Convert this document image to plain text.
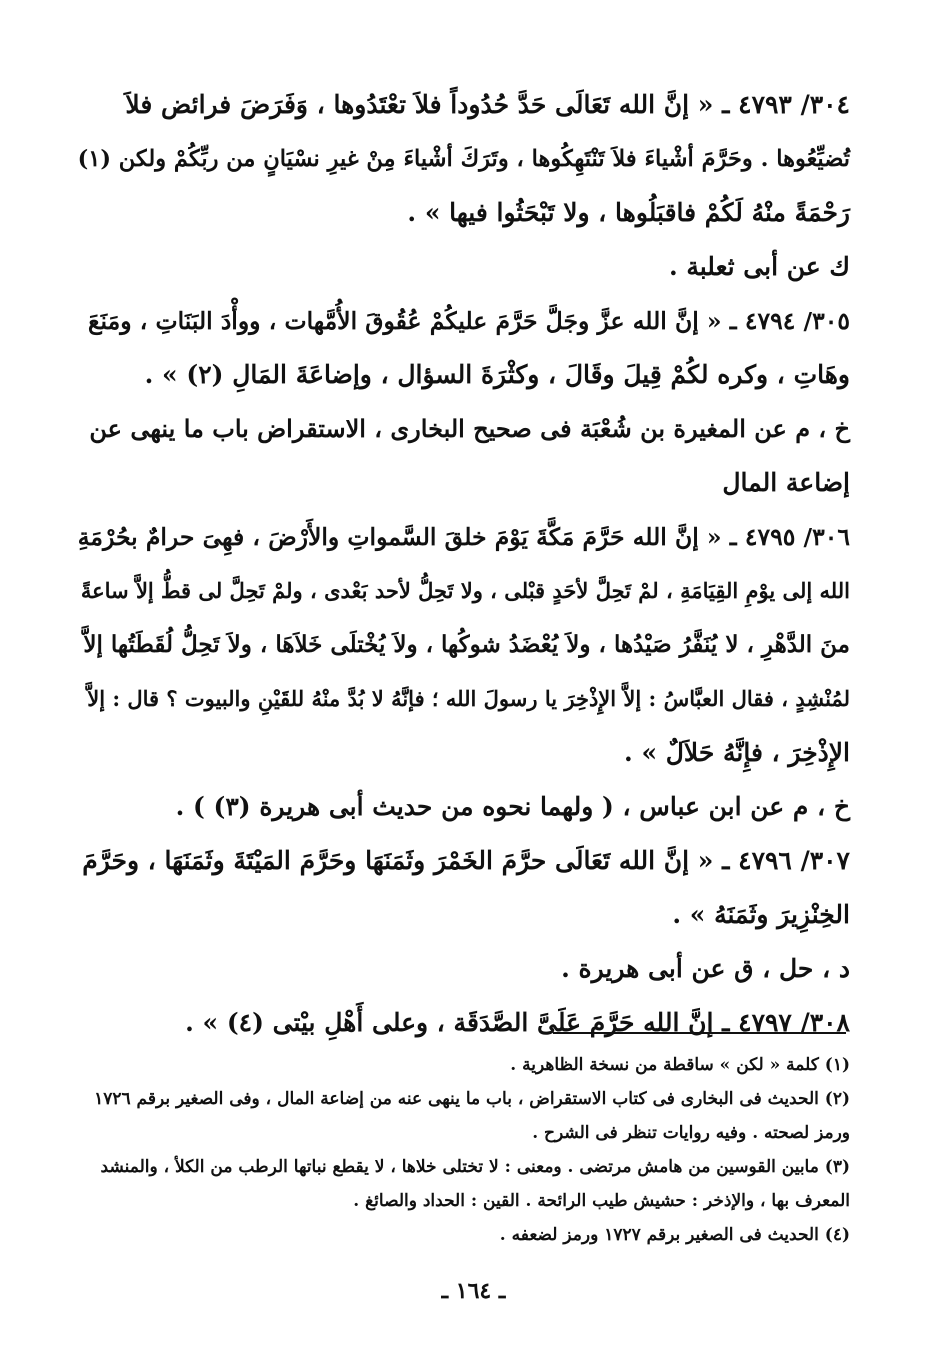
٣٠٤/ ٤٧٩٣ ـ « إنَّ الله تَعَالَى حَدَّ حُدُوداً فلاَ تعْتَدُوها ، وَفَرَضَ فرائض فلاَ
تُضيِّعُوها . وحَرَّمَ أشْياءَ فلاَ تَنْتَهِكُوها ، وتَرَكَ أشْياءَ مِنْ غيرِ نسْيَانٍ من ربِّكُمْ ولكن (١)
رَحْمَةً منْهُ لَكُمْ فاقبَلُوها ، ولا تَبْحَثُوا فيها » .
ك عن أبى ثعلبة .
٣٠٥/ ٤٧٩٤ ـ « إنَّ الله عزَّ وجَلَّ حَرَّمَ عليكُمْ عُقُوقَ الأُمَّهات ، ووأْدَ البَنَاتِ ، ومَنَعَ
وهَاتِ ، وكره لكُمْ قِيلَ وقَالَ ، وكثْرَةَ السؤال ، وإضاعَةَ المَالِ (٢) » .
خ ، م عن المغيرة بن شُعْبَة فى صحيح البخارى ، الاستقراض باب ما ينهى عن
إضاعة المال
٣٠٦/ ٤٧٩٥ ـ « إنَّ الله حَرَّمَ مَكَّةَ يَوْمَ خلقَ السَّمواتِ والأَرْضَ ، فهِىَ حرامٌ بحُرْمَةِ
الله إلى يوْمِ القِيَامَةِ ، لمْ تَحِلَّ لأحَدٍ قبْلى ، ولا تَحِلُّ لأحد بَعْدى ، ولمْ تَحِلَّ لى قطُّ إلاَّ ساعةً
منَ الدَّهْرِ ، لا يُنَفَّرُ صَيْدُها ، ولاَ يُعْضَدُ شوكُها ، ولاَ يُخْتلَى خَلاَهَا ، ولاَ تَحِلُّ لُقَطَتُها إلاَّ
لمُنْشِدٍ ، فقال العبَّاسُ : إلاَّ الإِذْخِرَ يا رسولَ الله ؛ فإنَّهُ لا بُدَّ منْهُ للقَيْنِ والبيوت ؟ قال : إلاَّ
الإِذْخِرَ ، فإِنَّهُ حَلاَلٌ » .
خ ، م عن ابن عباس ، ( ولهما نحوه من حديث أبى هريرة (٣) ) .
٣٠٧/ ٤٧٩٦ ـ « إنَّ الله تَعَالَى حرَّمَ الخَمْرَ وثَمَنَهَا وحَرَّمَ المَيْتَةَ وثَمَنَهَا ، وحَرَّمَ
الخِنْزِيرَ وثَمَنَهُ » .
د ، حل ، ق عن أبى هريرة .
٣٠٨/ ٤٧٩٧ ـ إنَّ الله حَرَّمَ عَلَىَّ الصَّدَقَة ، وعلى أَهْلِ بيْتى (٤) » .
(١) كلمة « لكن » ساقطة من نسخة الظاهرية .
(٢) الحديث فى البخارى فى كتاب الاستقراض ، باب ما ينهى عنه من إضاعة المال ، وفى الصغير برقم ١٧٢٦
ورمز لصحته . وفيه روايات تنظر فى الشرح .
(٣) مابين القوسين من هامش مرتضى . ومعنى : لا تختلى خلاها ، لا يقطع نباتها الرطب من الكلأ ، والمنشد
المعرف بها ، والإذخر : حشيش طيب الرائحة . القين : الحداد والصائغ .
(٤) الحديث فى الصغير برقم ١٧٢٧ ورمز لضعفه .
ـ ١٦٤ ـ
